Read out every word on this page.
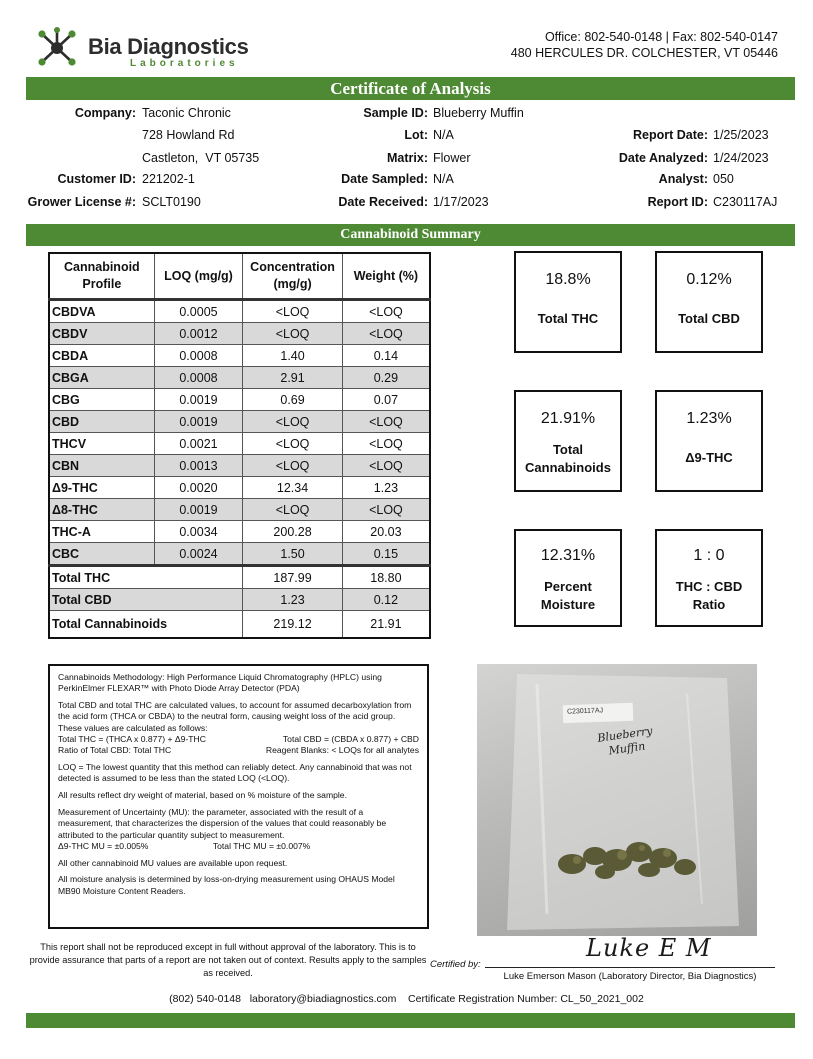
Bia Diagnostics
Laboratories
Office: 802-540-0148 | Fax: 802-540-0147
480 HERCULES DR. COLCHESTER, VT 05446
Certificate of Analysis
Company: Taconic Chronic
728 Howland Rd
Castleton,  VT 05735
Customer ID: 221202-1
Grower License #: SCLT0190
Sample ID: Blueberry Muffin
Lot: N/A
Matrix: Flower
Date Sampled: N/A
Date Received: 1/17/2023
Report Date: 1/25/2023
Date Analyzed: 1/24/2023
Analyst: 050
Report ID: C230117AJ
Cannabinoid Summary
Cannabinoid Profile	LOQ (mg/g)	Concentration (mg/g)	Weight (%)
CBDVA	0.0005	<LOQ	<LOQ
CBDV	0.0012	<LOQ	<LOQ
CBDA	0.0008	1.40	0.14
CBGA	0.0008	2.91	0.29
CBG	0.0019	0.69	0.07
CBD	0.0019	<LOQ	<LOQ
THCV	0.0021	<LOQ	<LOQ
CBN	0.0013	<LOQ	<LOQ
Δ9-THC	0.0020	12.34	1.23
Δ8-THC	0.0019	<LOQ	<LOQ
THC-A	0.0034	200.28	20.03
CBC	0.0024	1.50	0.15
Total THC		187.99	18.80
Total CBD		1.23	0.12
Total Cannabinoids		219.12	21.91
18.8%
Total THC
0.12%
Total CBD
21.91%
Total
Cannabinoids
1.23%
Δ9-THC
12.31%
Percent
Moisture
1 : 0
THC : CBD
Ratio

Cannabinoids Methodology: High Performance Liquid Chromatography (HPLC) using PerkinElmer FLEXAR™ with Photo Diode Array Detector (PDA)

Total CBD and total THC are calculated values, to account for assumed decarboxylation from the acid form (THCA or CBDA) to the neutral form, causing weight loss of the acid group. These values are calculated as follows:

Total THC = (THCA x 0.877) + Δ9-THC	Total CBD = (CBDA x 0.877) + CBD
Ratio of Total CBD: Total THC	Reagent Blanks: < LOQs for all analytes

LOQ = The lowest quantity that this method can reliably detect. Any cannabinoid that was not detected is assumed to be less than the stated LOQ (<LOQ).

All results reflect dry weight of material, based on % moisture of the sample.

Measurement of Uncertainty (MU): the parameter, associated with the result of a measurement, that characterizes the dispersion of the values that could reasonably be attributed to the particular quantity subject to measurement.

Δ9-THC MU = ±0.005%	Total THC MU = ±0.007%

All other cannabinoid MU values are available upon request.

All moisture analysis is determined by loss-on-drying measurement using OHAUS Model MB90 Moisture Content Readers.

C230117AJ
Blueberry Muffin
This report shall not be reproduced except in full without approval of the laboratory. This is to provide assurance that parts of a report are not taken out of context. Results apply to the samples as received.
Certified by:
Luke E M
Luke Emerson Mason (Laboratory Director, Bia Diagnostics)
(802) 540-0148   laboratory@biadiagnostics.com    Certificate Registration Number: CL_50_2021_002
